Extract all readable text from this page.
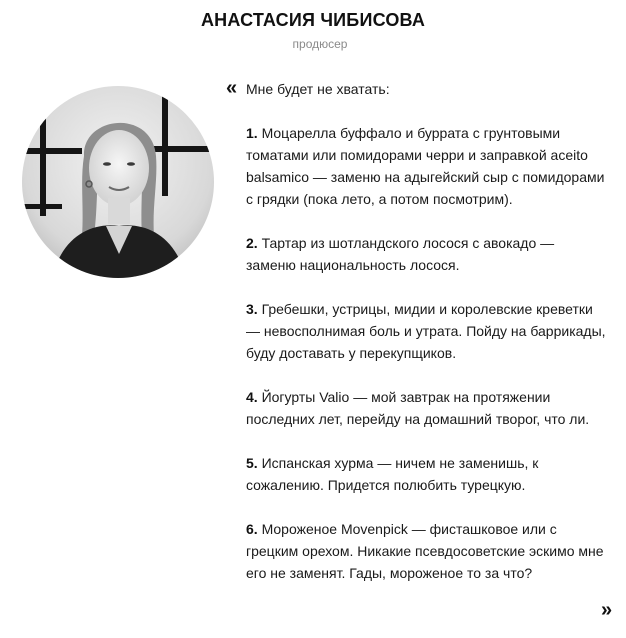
АНАСТАСИЯ ЧИБИСОВА
продюсер
« Мне будет не хватать:
1. Моцарелла буффало и буррата с грунтовыми томатами или помидорами черри и заправкой aceito balsamico — заменю на адыгейский сыр с помидорами с грядки (пока лето, а потом посмотрим).
2. Тартар из шотландского лосося с авокадо — заменю национальность лосося.
3. Гребешки, устрицы, мидии и королевские креветки — невосполнимая боль и утрата. Пойду на баррикады, буду доставать у перекупщиков.
4. Йогурты Valio — мой завтрак на протяжении последних лет, перейду на домашний творог, что ли.
5. Испанская хурма — ничем не заменишь, к сожалению. Придется полюбить турецкую.
6. Мороженое Movenpick — фисташковое или с грецким орехом. Никакие псевдосоветские эскимо мне его не заменят. Гады, мороженое то за что?
»
